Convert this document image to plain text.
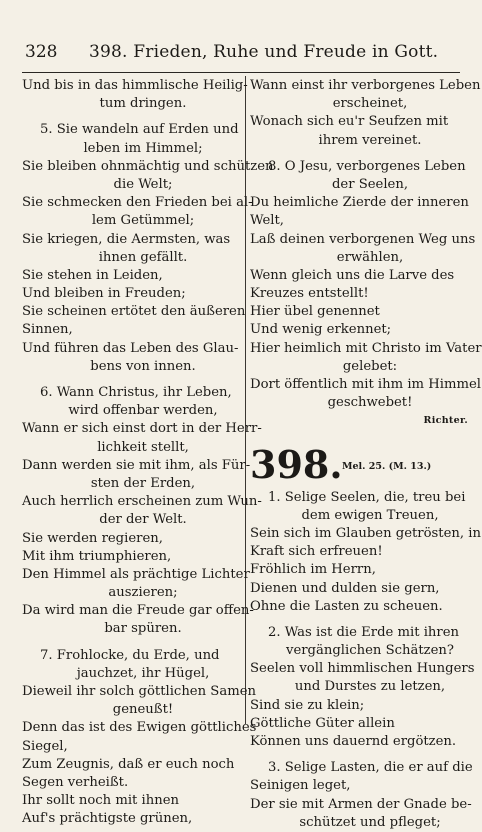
328 398. Frieden, Ruhe und Freude in Gott.
Und bis in das himmlische Heilig-
tum dringen.
5. Sie wandeln auf Erden und
leben im Himmel;
Sie bleiben ohnmächtig und schützen
die Welt;
Sie schmecken den Frieden bei al-
lem Getümmel;
Sie kriegen, die Aermsten, was
ihnen gefällt.
Sie stehen in Leiden,
Und bleiben in Freuden;
Sie scheinen ertötet den äußeren
Sinnen,
Und führen das Leben des Glau-
bens von innen.
6. Wann Christus, ihr Leben,
wird offenbar werden,
Wann er sich einst dort in der Herr-
lichkeit stellt,
Dann werden sie mit ihm, als Für-
sten der Erden,
Auch herrlich erscheinen zum Wun-
der der Welt.
Sie werden regieren,
Mit ihm triumphieren,
Den Himmel als prächtige Lichter
auszieren;
Da wird man die Freude gar offen-
bar spüren.
7. Frohlocke, du Erde, und
jauchzet, ihr Hügel,
Dieweil ihr solch göttlichen Samen
geneußt!
Denn das ist des Ewigen göttliches
Siegel,
Zum Zeugnis, daß er euch noch
Segen verheißt.
Ihr sollt noch mit ihnen
Auf's prächtigste grünen,
Wann einst ihr verborgenes Leben
erscheinet,
Wonach sich eu'r Seufzen mit
ihrem vereinet.
8. O Jesu, verborgenes Leben
der Seelen,
Du heimliche Zierde der inneren
Welt,
Laß deinen verborgenen Weg uns
erwählen,
Wenn gleich uns die Larve des
Kreuzes entstellt!
Hier übel genennet
Und wenig erkennet;
Hier heimlich mit Christo im Vater
gelebet:
Dort öffentlich mit ihm im Himmel
geschwebet!
Richter.
398. Mel. 25. (M. 13.)
1. Selige Seelen, die, treu bei
dem ewigen Treuen,
Sein sich im Glauben getrösten, in
Kraft sich erfreuen!
Fröhlich im Herrn,
Dienen und dulden sie gern,
Ohne die Lasten zu scheuen.
2. Was ist die Erde mit ihren
vergänglichen Schätzen?
Seelen voll himmlischen Hungers
und Durstes zu letzen,
Sind sie zu klein;
Göttliche Güter allein
Können uns dauernd ergötzen.
3. Selige Lasten, die er auf die
Seinigen leget,
Der sie mit Armen der Gnade be-
schützet und pfleget;
